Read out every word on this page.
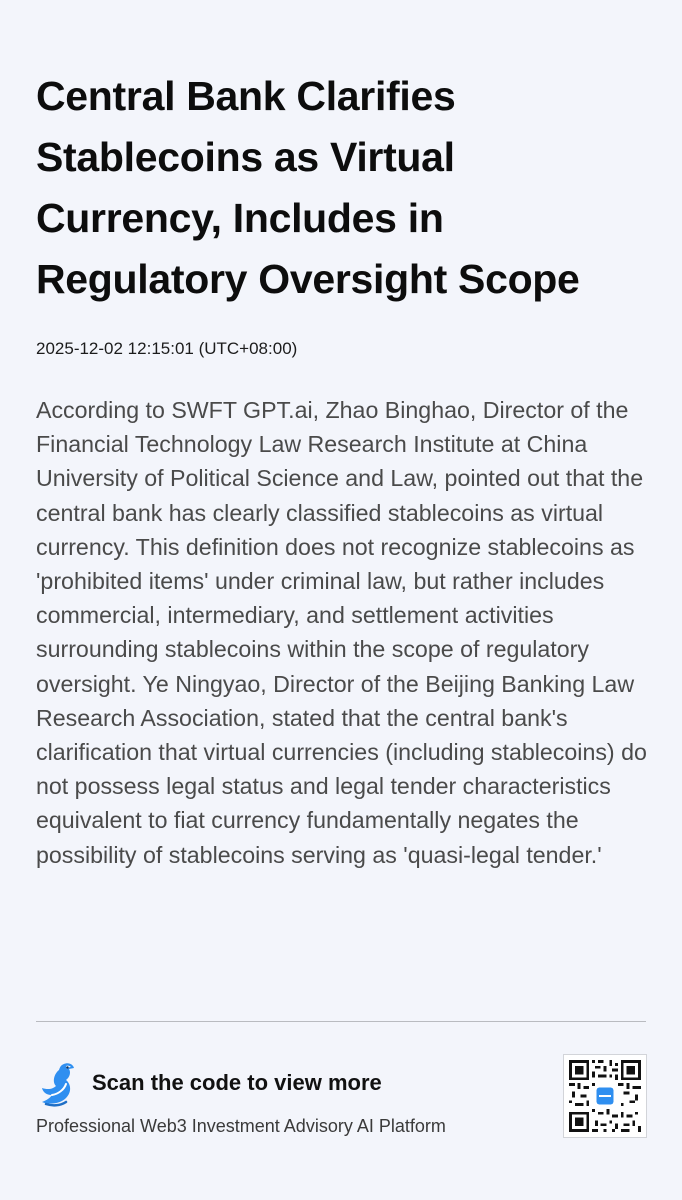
Central Bank Clarifies Stablecoins as Virtual Currency, Includes in Regulatory Oversight Scope
2025-12-02 12:15:01 (UTC+08:00)

According to SWFT GPT.ai, Zhao Binghao, Director of the Financial Technology Law Research Institute at China University of Political Science and Law, pointed out that the central bank has clearly classified stablecoins as virtual currency. This definition does not recognize stablecoins as 'prohibited items' under criminal law, but rather includes commercial, intermediary, and settlement activities surrounding stablecoins within the scope of regulatory oversight. Ye Ningyao, Director of the Beijing Banking Law Research Association, stated that the central bank's clarification that virtual currencies (including stablecoins) do not possess legal status and legal tender characteristics equivalent to fiat currency fundamentally negates the possibility of stablecoins serving as 'quasi-legal tender.'

Scan the code to view more
Professional Web3 Investment Advisory AI Platform
